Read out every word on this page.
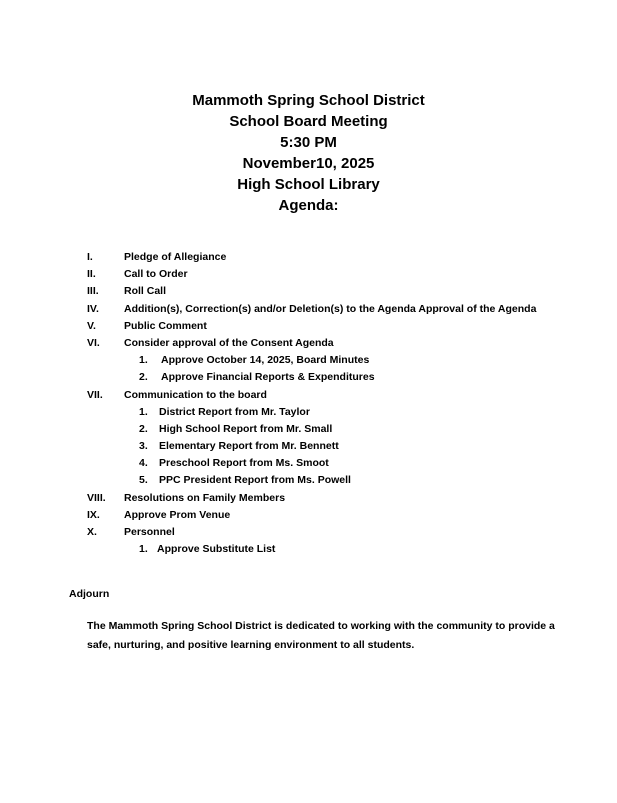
Mammoth Spring School District
School Board Meeting
5:30 PM
November10, 2025
High School Library
Agenda:
I.	Pledge of Allegiance
II.	Call to Order
III. Roll Call
IV. Addition(s), Correction(s) and/or Deletion(s) to the Agenda Approval of the Agenda
V.	Public Comment
VI. Consider approval of the Consent Agenda
1. Approve October 14, 2025, Board Minutes
2. Approve Financial Reports & Expenditures
VII. Communication to the board
1. District Report from Mr. Taylor
2. High School Report from Mr. Small
3. Elementary Report from Mr. Bennett
4. Preschool Report from Ms. Smoot
5. PPC President Report from Ms. Powell
VIII. Resolutions on Family Members
IX. Approve Prom Venue
X.	Personnel
1. Approve Substitute List
Adjourn
The Mammoth Spring School District is dedicated to working with the community to provide a safe, nurturing, and positive learning environment to all students.
